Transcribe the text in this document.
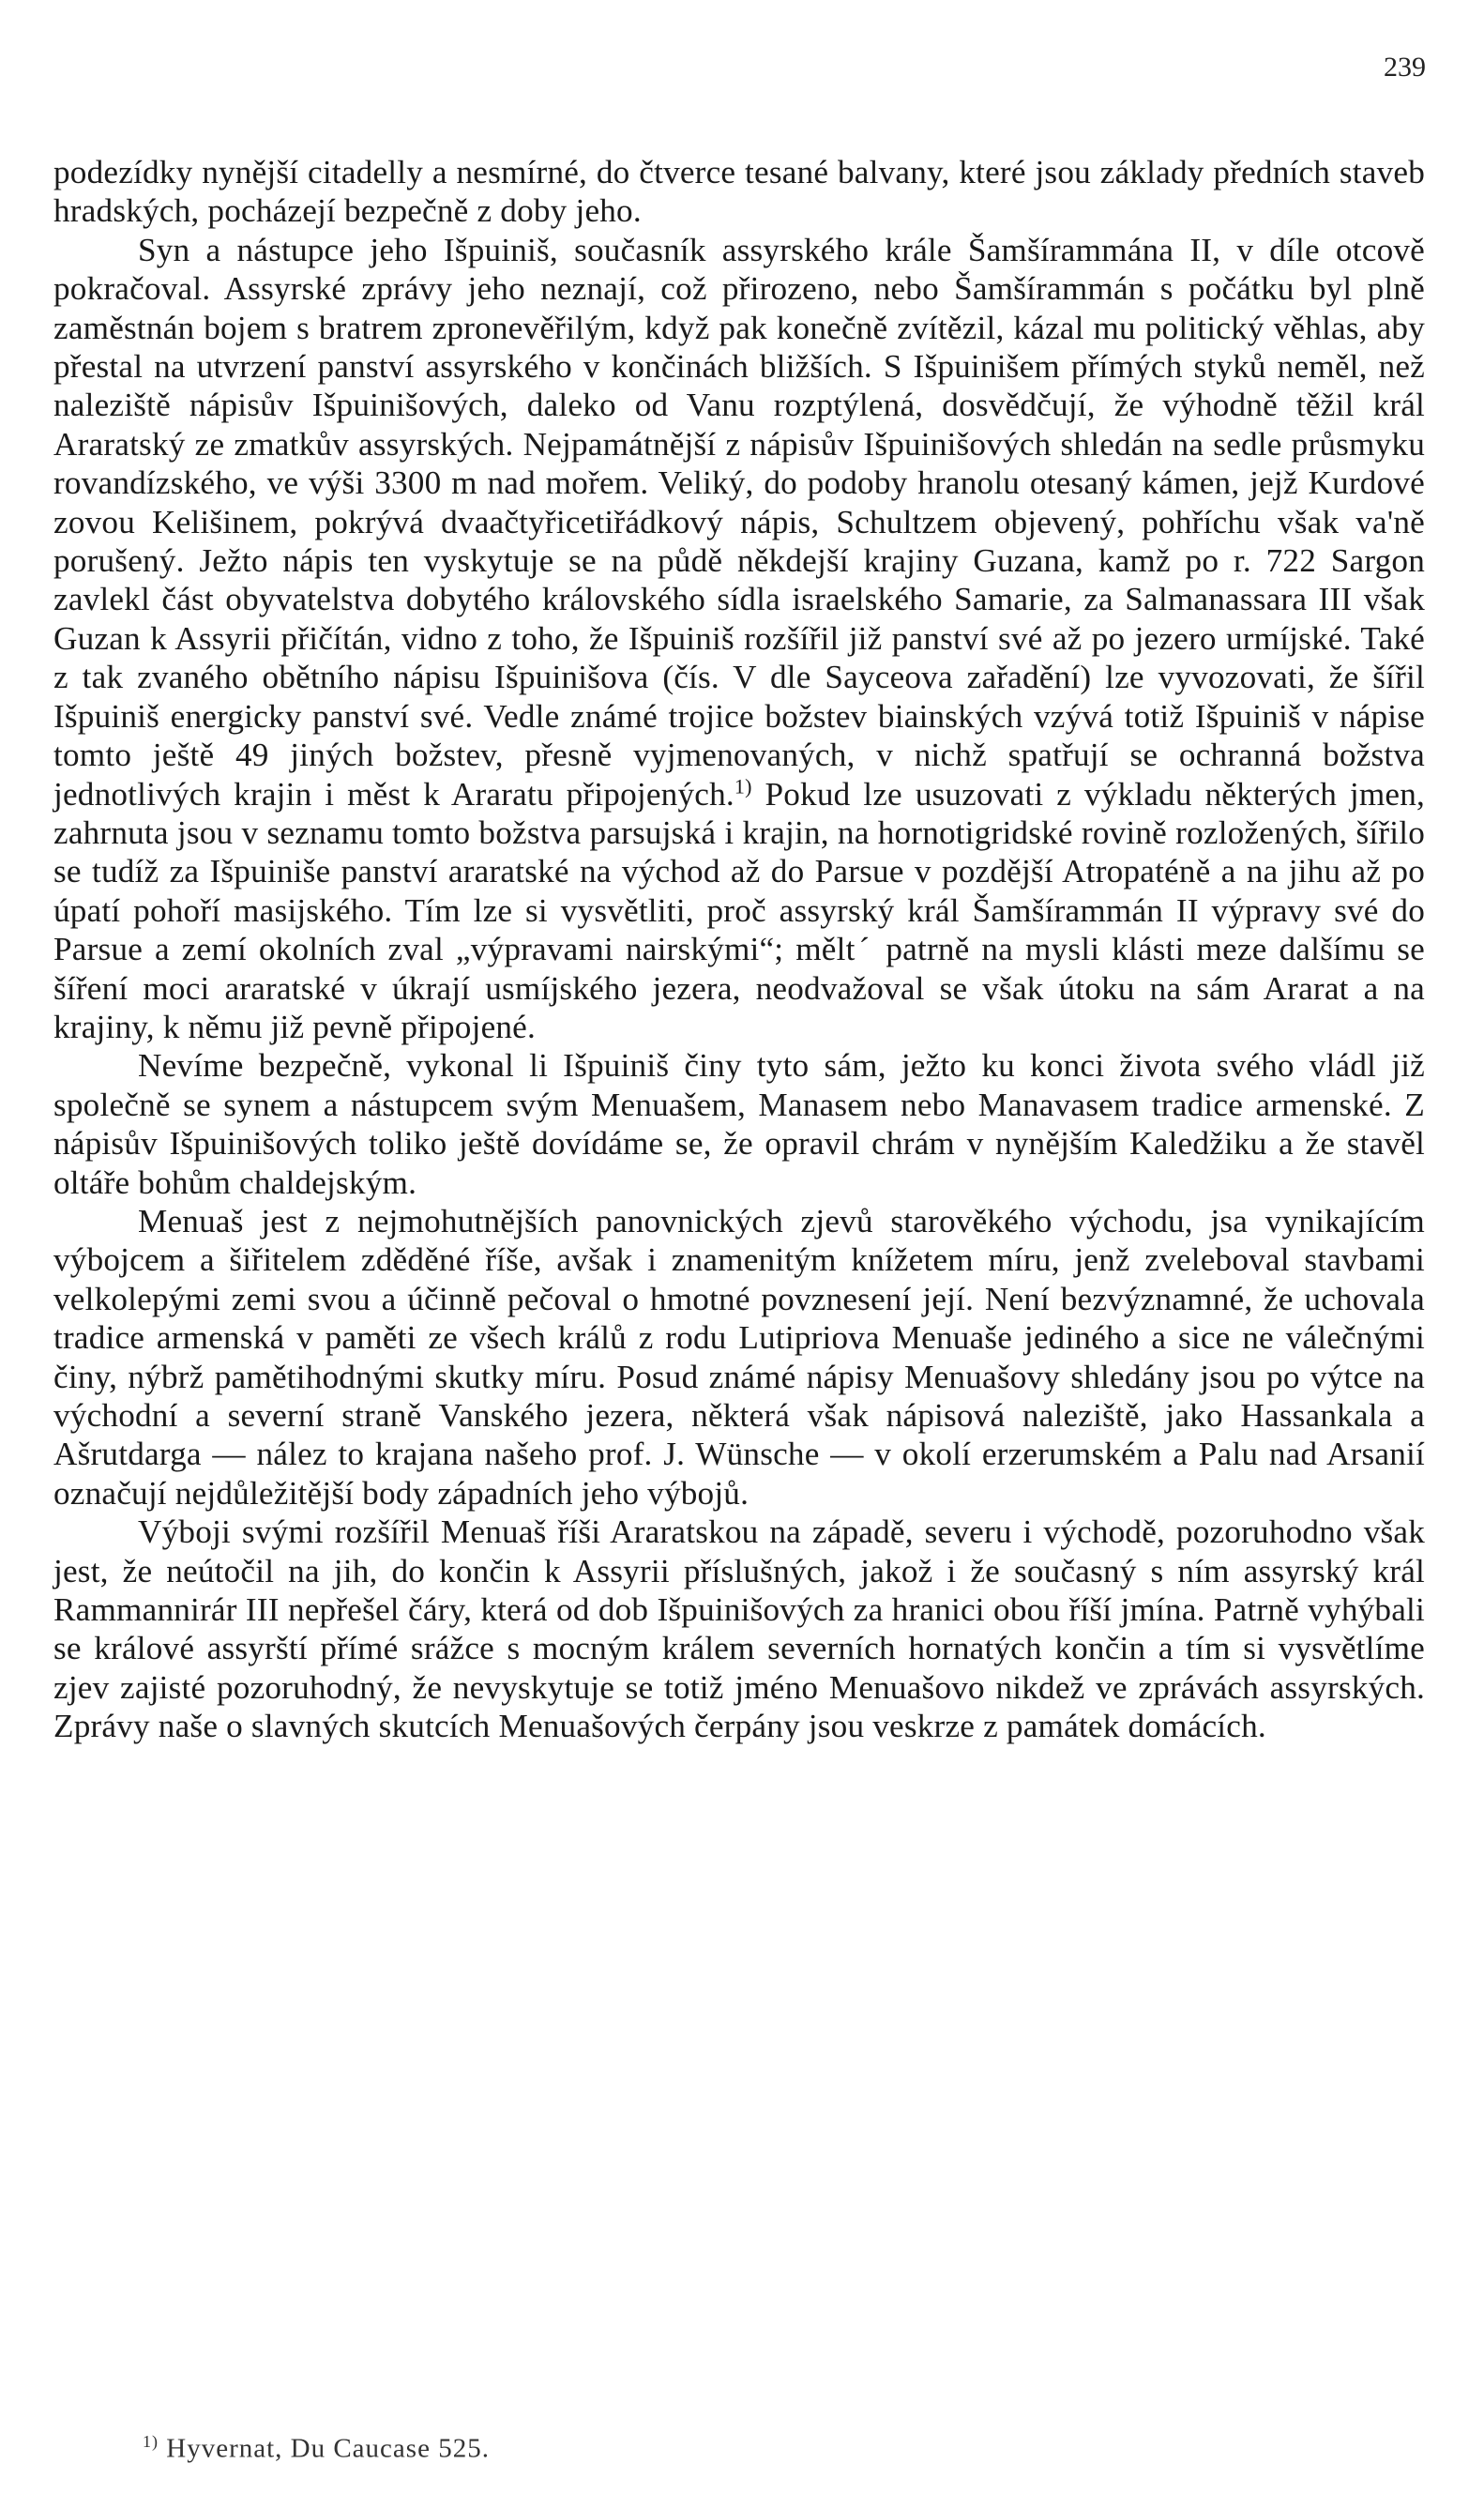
239

podezídky nynější citadelly a nesmírné, do čtverce tesané balvany, které jsou základy předních staveb hradských, pocházejí bezpečně z doby jeho.

Syn a nástupce jeho Išpuiniš, současník assyrského krále Šamšírammána II, v díle otcově pokračoval. Assyrské zprávy jeho neznají, což přirozeno, nebo Šamšírammán s počátku byl plně zaměstnán bojem s bratrem zpronevěřilým, když pak konečně zvítězil, kázal mu politický věhlas, aby přestal na utvrzení panství assyrského v končinách bližších. S Išpuinišem přímých styků neměl, než naleziště nápisův Išpuinišových, daleko od Vanu rozptýlená, dosvědčují, že výhodně těžil král Araratský ze zmatkův assyrských. Nejpamátnější z nápisův Išpuinišových shledán na sedle průsmyku rovandízského, ve výši 3300 m nad mořem. Veliký, do podoby hranolu otesaný kámen, jejž Kurdové zovou Kelišinem, pokrývá dvaačtyřicetiřádkový nápis, Schultzem objevený, pohříchu však va'ně porušený. Ježto nápis ten vyskytuje se na půdě někdejší krajiny Guzana, kamž po r. 722 Sargon zavlekl část obyvatelstva dobytého královského sídla israelského Samarie, za Salmanassara III však Guzan k Assyrii přičítán, vidno z toho, že Išpuiniš rozšířil již panství své až po jezero urmíjské. Také z tak zvaného obětního nápisu Išpuinišova (čís. V dle Sayceova zařadění) lze vyvozovati, že šířil Išpuiniš energicky panství své. Vedle známé trojice božstev biainských vzývá totiž Išpuiniš v nápise tomto ještě 49 jiných božstev, přesně vyjmenovaných, v nichž spatřují se ochranná božstva jednotlivých krajin i měst k Araratu připojených.$^{1)}$ Pokud lze usuzovati z výkladu některých jmen, zahrnuta jsou v seznamu tomto božstva parsujská i krajin, na hornotigridské rovině rozložených, šířilo se tudíž za Išpuiniše panství araratské na východ až do Parsue v pozdější Atropaténě a na jihu až po úpatí pohoří masijského. Tím lze si vysvětliti, proč assyrský král Šamšírammán II výpravy své do Parsue a zemí okolních zval „výpravami nairskými“; měltˊ patrně na mysli klásti meze dalšímu se šíření moci araratské v úkrají usmíjského jezera, neodvažoval se však útoku na sám Ararat a na krajiny, k němu již pevně připojené.

Nevíme bezpečně, vykonal li Išpuiniš činy tyto sám, ježto ku konci života svého vládl již společně se synem a nástupcem svým Menuašem, Manasem nebo Manavasem tradice armenské. Z nápisův Išpuinišových toliko ještě dovídáme se, že opravil chrám v nynějším Kaledžiku a že stavěl oltáře bohům chaldejským.

Menuaš jest z nejmohutnějších panovnických zjevů starověkého východu, jsa vynikajícím výbojcem a šiřitelem zděděné říše, avšak i znamenitým knížetem míru, jenž zveleboval stavbami velkolepými zemi svou a účinně pečoval o hmotné povznesení její. Není bezvýznamné, že uchovala tradice armenská v paměti ze všech králů z rodu Lutipriova Menuaše jediného a sice ne válečnými činy, nýbrž pamětihodnými skutky míru. Posud známé nápisy Menuašovy shledány jsou po výtce na východní a severní straně Vanského jezera, některá však nápisová naleziště, jako Hassankala a Ašrutdarga — nález to krajana našeho prof. J. Wünsche — v okolí erzerumském a Palu nad Arsanií označují nejdůležitější body západních jeho výbojů.

Výboji svými rozšířil Menuaš říši Araratskou na západě, severu i východě, pozoruhodno však jest, že neútočil na jih, do končin k Assyrii příslušných, jakož i že současný s ním assyrský král Rammannirár III nepřešel čáry, která od dob Išpuinišových za hranici obou říší jmína. Patrně vyhýbali se králové assyrští přímé srážce s mocným králem severních hornatých končin a tím si vysvětlíme zjev zajisté pozoruhodný, že nevyskytuje se totiž jméno Menuašovo nikdež ve zprávách assyrských. Zprávy naše o slavných skutcích Menuašových čerpány jsou veskrze z památek domácích.

$^{1)}$ Hyvernat, Du Caucase 525.
